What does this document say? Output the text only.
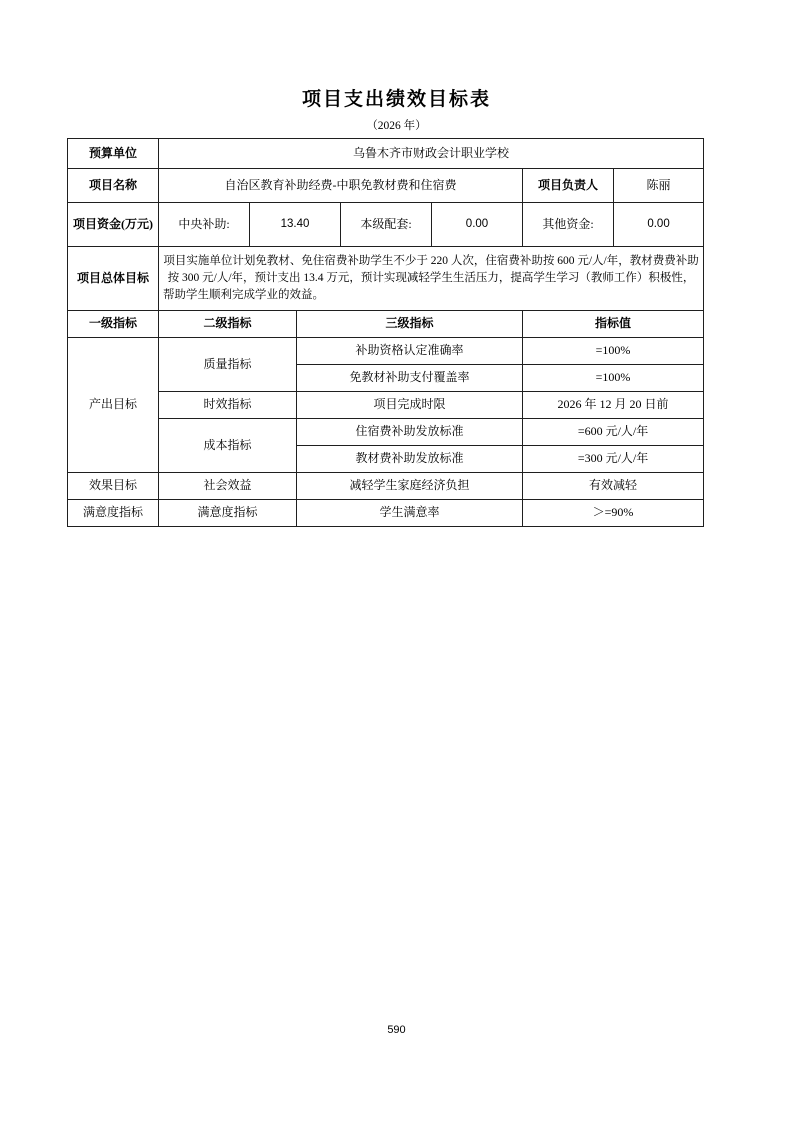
项目支出绩效目标表
（2026 年）
预算单位	乌鲁木齐市财政会计职业学校						
项目名称	自治区教育补助经费-中职免教材费和住宿费					项目负责人	陈丽
项目资金(万元)	中央补助:	13.40		本级配套:	0.00	其他资金:	0.00
项目总体目标	项目实施单位计划免教材、免住宿费补助学生不少于 220 人次，住宿费补助按 600 元/人/年，教材费费补助按 300 元/人/年，预计支出 13.4 万元，预计实现减轻学生生活压力，提高学生学习（教师工作）积极性，帮助学生顺利完成学业的效益。						
一级指标	二级指标		三级指标			指标值	
产出目标	质量指标		补助资格认定准确率			=100%	
			免教材补助支付覆盖率			=100%	
	时效指标		项目完成时限			2026 年 12 月 20 日前	
	成本指标		住宿费补助发放标准			=600 元/人/年	
			教材费补助发放标准			=300 元/人/年	
效果目标	社会效益		减轻学生家庭经济负担			有效减轻	
满意度指标	满意度指标		学生满意率			＞=90%	
590
